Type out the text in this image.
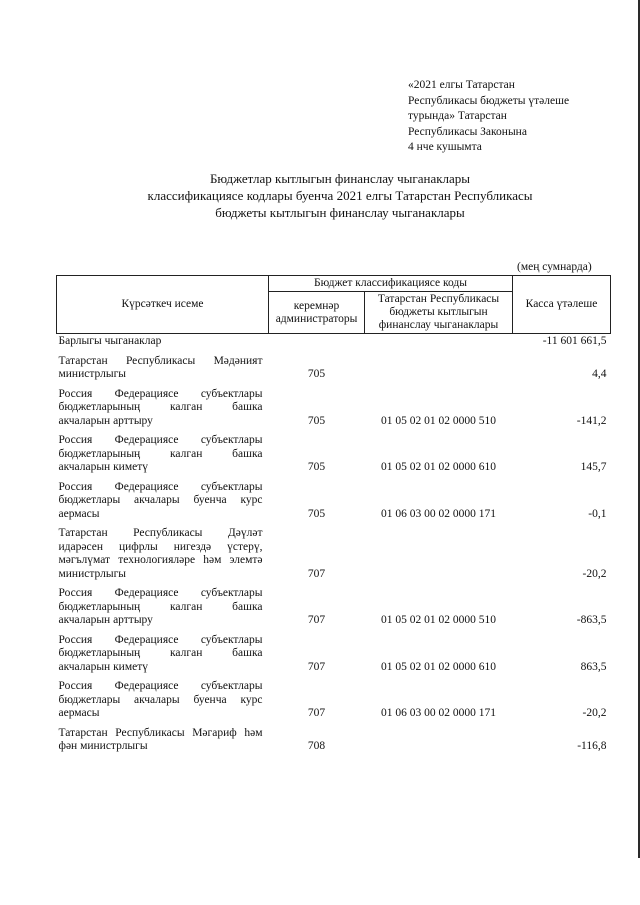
«2021 елгы Татарстан
Республикасы бюджеты үтәлеше
турында» Татарстан
Республикасы Законына
4 нче кушымта
Бюджетлар кытлыгын финанслау чыганаклары
классификациясе кодлары буенча 2021 елгы Татарстан Республикасы
бюджеты кытлыгын финанслау чыганаклары
(мең сумнарда)
Күрсәткеч исеме	Бюджет классификациясе коды		Касса үтәлеше
	керемнәр администраторы	Татарстан Республикасы бюджеты кытлыгын финанслау чыганаклары	
Барлыгы чыганаклар			-11 601 661,5
Татарстан Республикасы Мәдәният министрлыгы	705		4,4
Россия Федерациясе субъектлары бюджетларының калган башка акчаларын арттыру	705	01 05 02 01 02 0000 510	-141,2
Россия Федерациясе субъектлары бюджетларының калган башка акчаларын киметү	705	01 05 02 01 02 0000 610	145,7
Россия Федерациясе субъектлары бюджетлары акчалары буенча курс аермасы	705	01 06 03 00 02 0000 171	-0,1
Татарстан Республикасы Дәүләт идарәсен цифрлы нигездә үстерү, мәгълүмат технологияләре һәм элемтә министрлыгы	707		-20,2
Россия Федерациясе субъектлары бюджетларының калган башка акчаларын арттыру	707	01 05 02 01 02 0000 510	-863,5
Россия Федерациясе субъектлары бюджетларының калган башка акчаларын киметү	707	01 05 02 01 02 0000 610	863,5
Россия Федерациясе субъектлары бюджетлары акчалары буенча курс аермасы	707	01 06 03 00 02 0000 171	-20,2
Татарстан Республикасы Мәгариф һәм фән министрлыгы	708		-116,8
